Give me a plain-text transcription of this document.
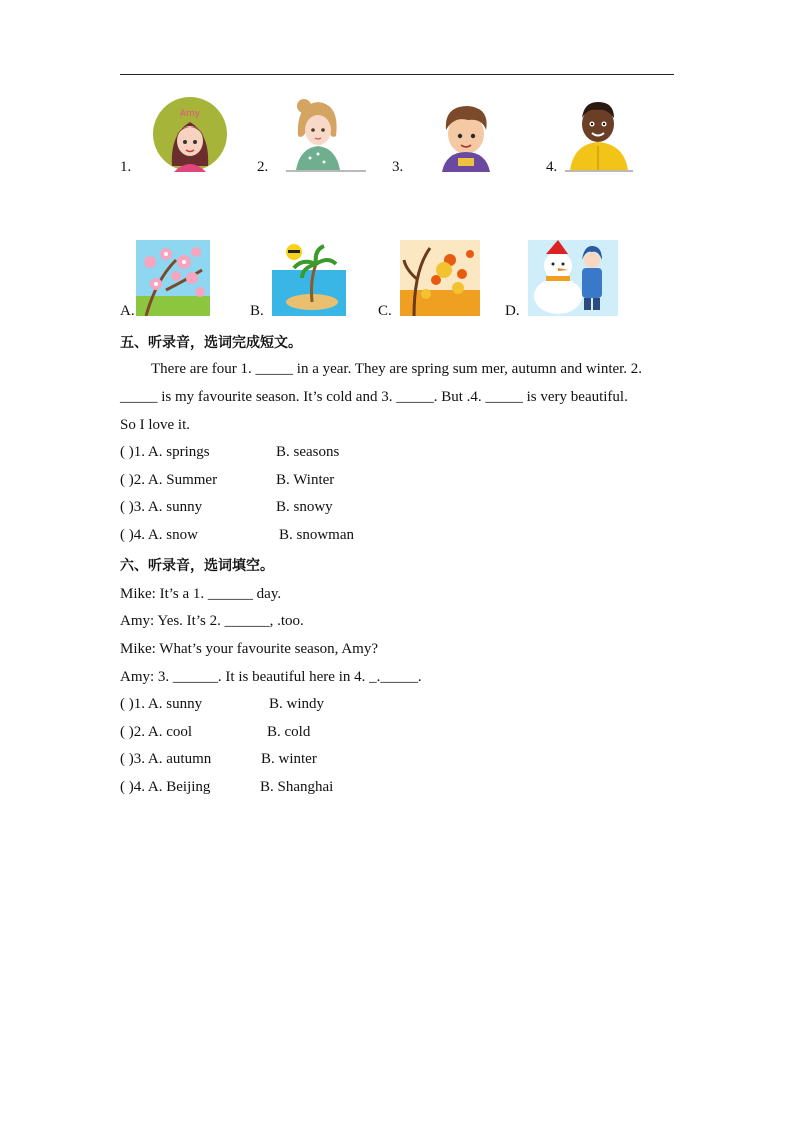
1.
Amy
2.	3.	4.
A.	B.	C.	D.
五、听录音，选词完成短文。
There are four 1. _____ in a year. They are spring sum mer, autumn and winter. 2.
_____ is my favourite season. It’s cold and 3. _____. But .4. _____ is very beautiful.
So I love it.
( )1. A. springs	B. seasons
( )2. A. Summer	B. Winter
( )3. A. sunny	B. snowy
( )4. A. snow	B. snowman
六、听录音，选词填空。
Mike: It’s a 1. ______ day.
Amy: Yes. It’s 2. ______, .too.
Mike: What’s your favourite season, Amy?
Amy: 3. ______. It is beautiful here in 4. _._____.
( )1. A. sunny	B. windy
( )2. A. cool	B. cold
( )3. A. autumn	B. winter
( )4. A. Beijing	B. Shanghai
